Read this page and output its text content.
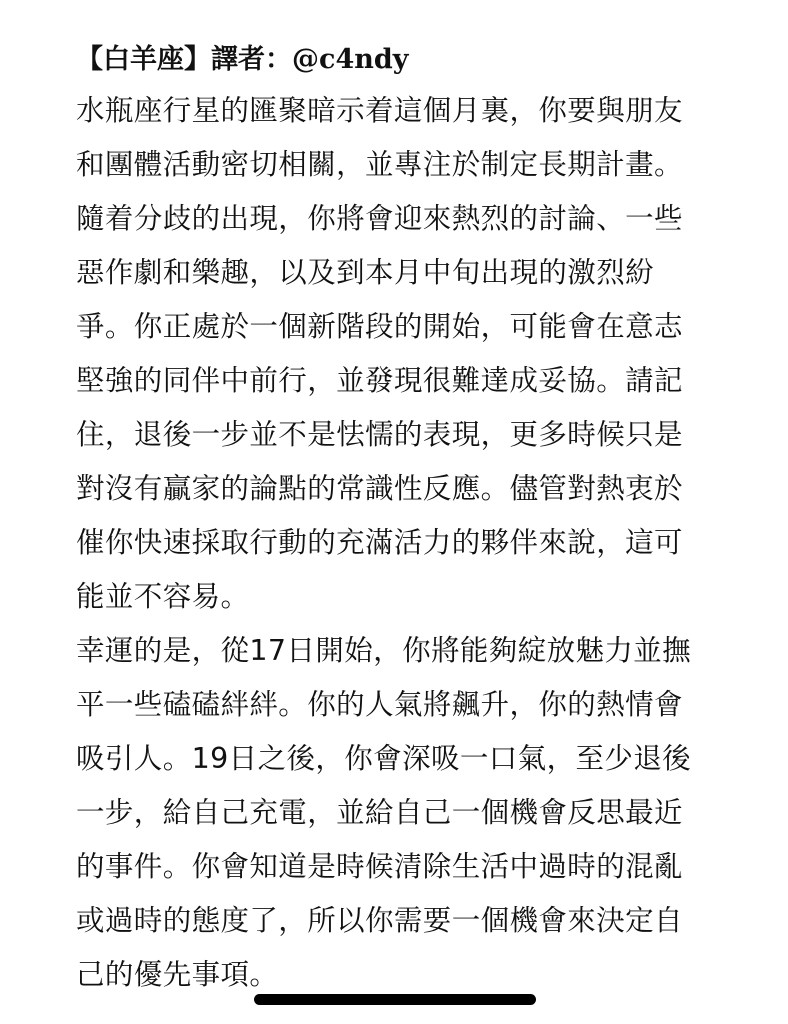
【白羊座】譯者：@c4ndy
水瓶座行星的匯聚暗示着這個月裏，你要與朋友
和團體活動密切相關，並專注於制定長期計畫。
隨着分歧的出現，你將會迎來熱烈的討論、一些
惡作劇和樂趣，以及到本月中旬出現的激烈紛
爭。你正處於一個新階段的開始，可能會在意志
堅強的同伴中前行，並發現很難達成妥協。請記
住，退後一步並不是怯懦的表現，更多時候只是
對沒有贏家的論點的常識性反應。儘管對熱衷於
催你快速採取行動的充滿活力的夥伴來說，這可
能並不容易。
幸運的是，從17日開始，你將能夠綻放魅力並撫
平一些磕磕絆絆。你的人氣將飆升，你的熱情會
吸引人。19日之後，你會深吸一口氣，至少退後
一步，給自己充電，並給自己一個機會反思最近
的事件。你會知道是時候清除生活中過時的混亂
或過時的態度了，所以你需要一個機會來決定自
己的優先事項。
